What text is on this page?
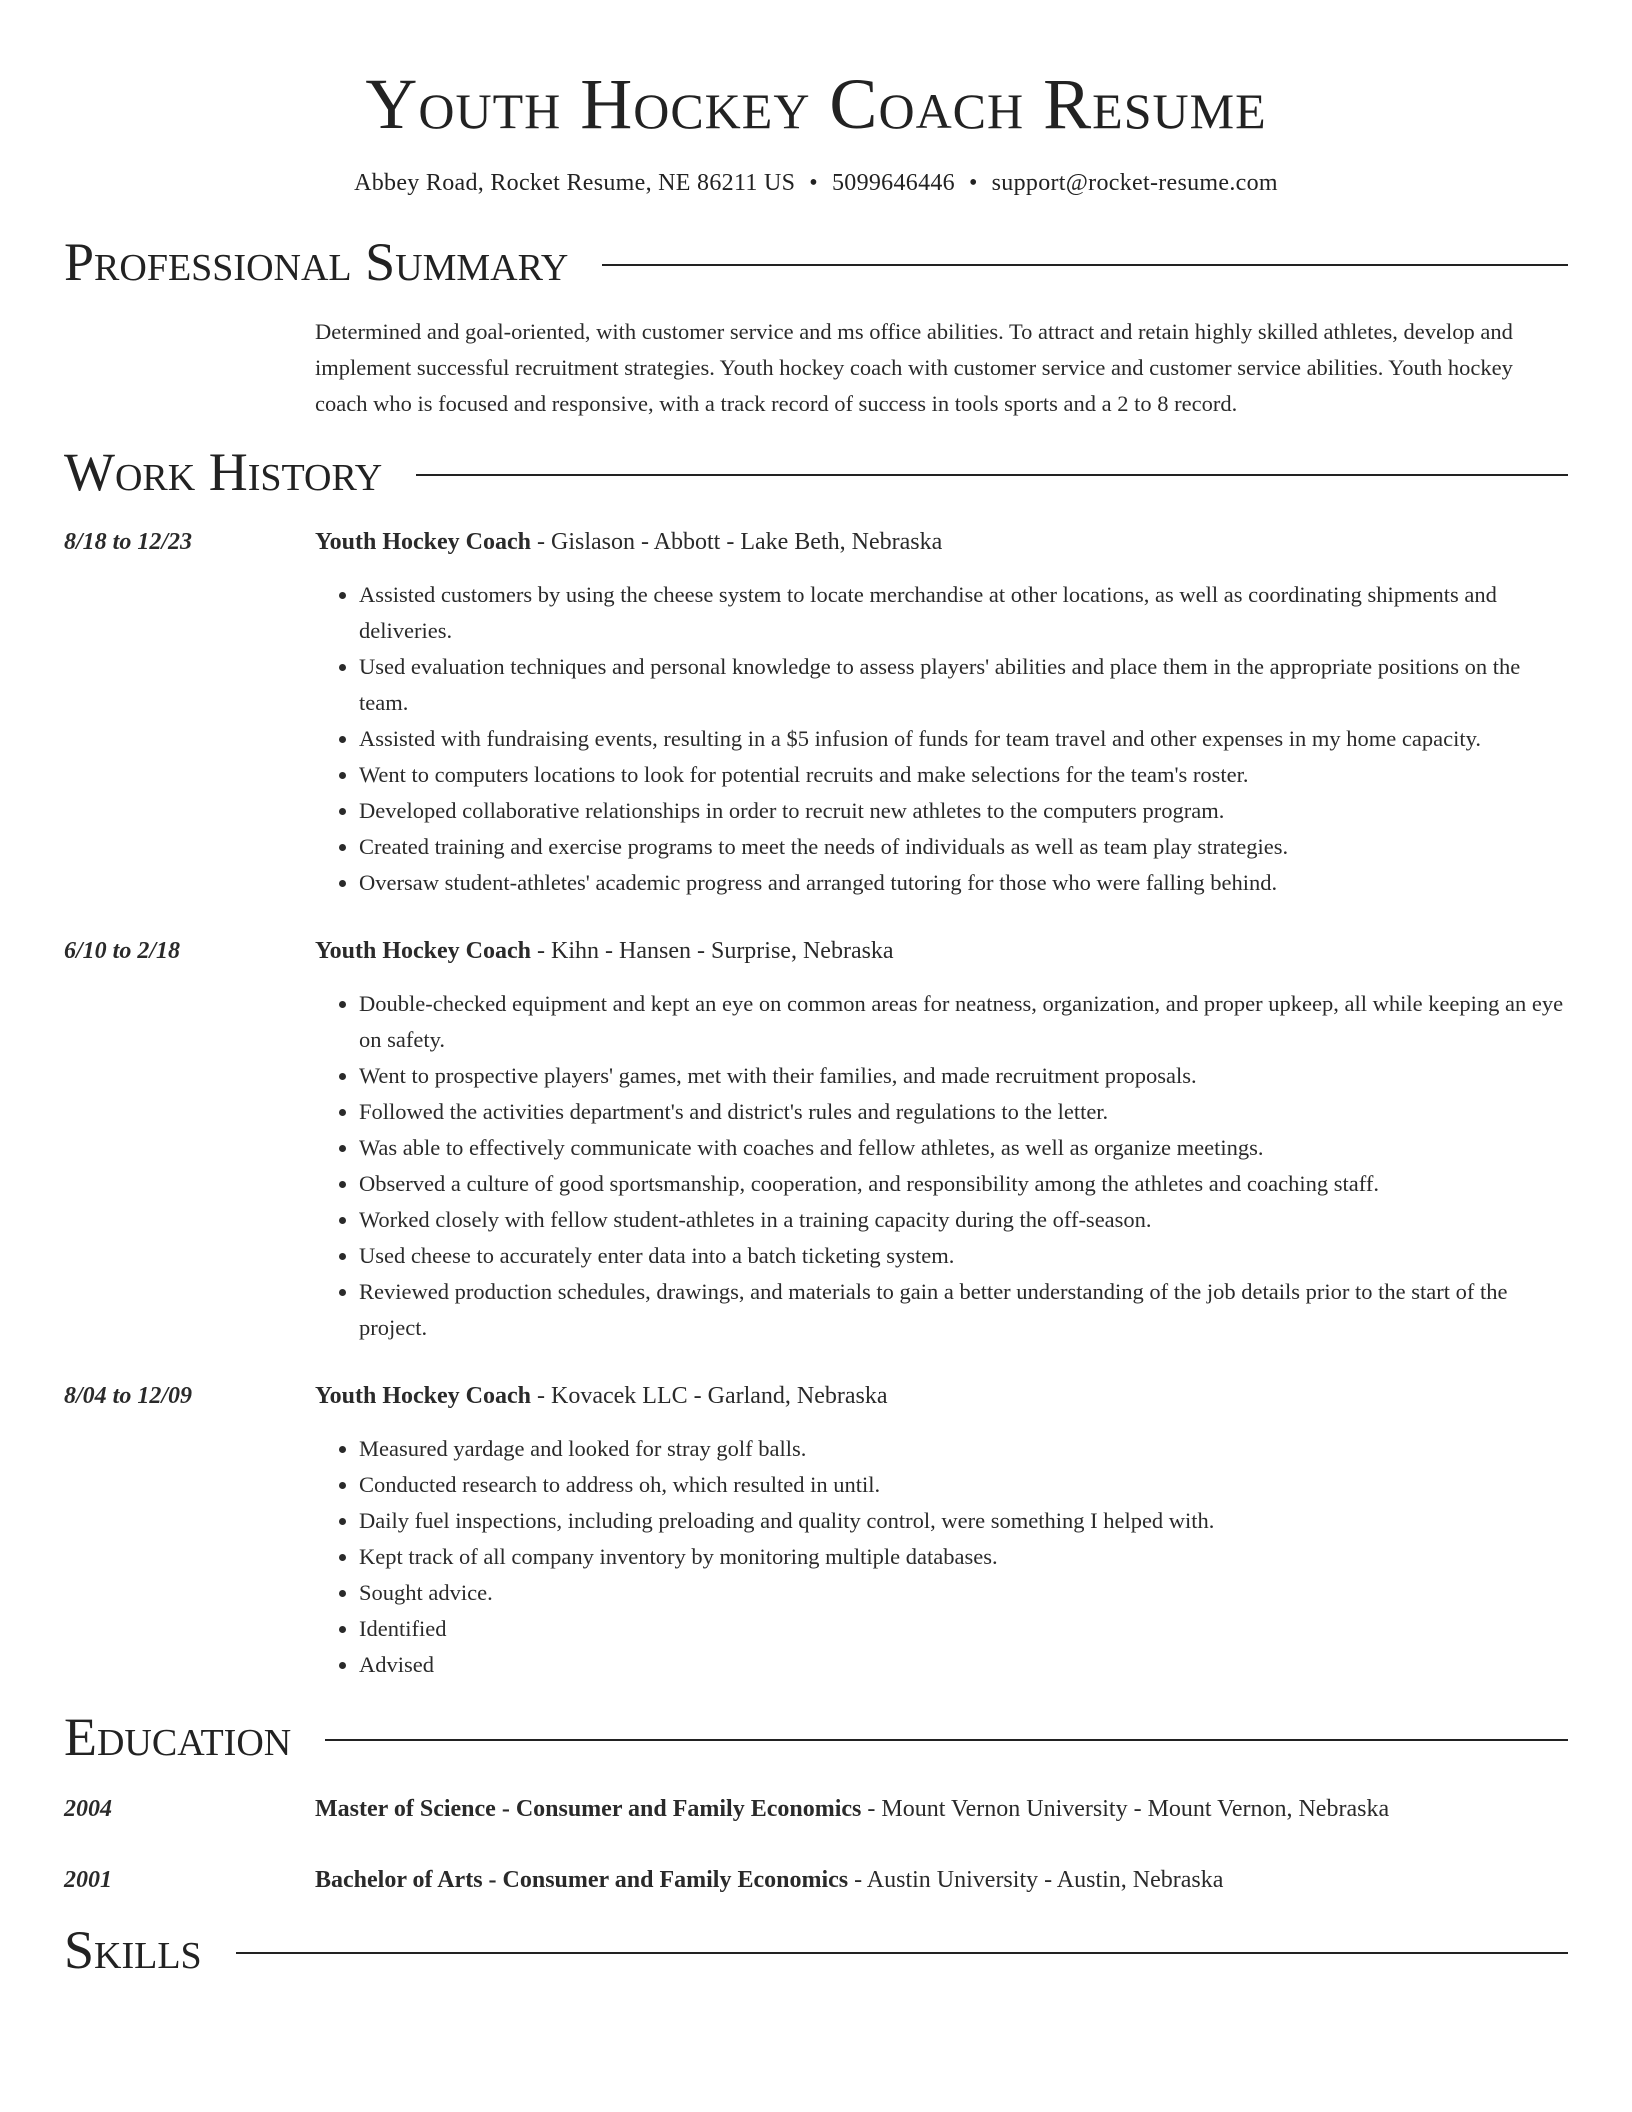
Youth Hockey Coach Resume
Abbey Road, Rocket Resume, NE 86211 US • 5099646446 • support@rocket-resume.com
Professional Summary
Determined and goal-oriented, with customer service and ms office abilities. To attract and retain highly skilled athletes, develop and implement successful recruitment strategies. Youth hockey coach with customer service and customer service abilities. Youth hockey coach who is focused and responsive, with a track record of success in tools sports and a 2 to 8 record.
Work History
8/18 to 12/23	Youth Hockey Coach - Gislason - Abbott - Lake Beth, Nebraska
• Assisted customers by using the cheese system to locate merchandise at other locations, as well as coordinating shipments and deliveries.
• Used evaluation techniques and personal knowledge to assess players' abilities and place them in the appropriate positions on the team.
• Assisted with fundraising events, resulting in a $5 infusion of funds for team travel and other expenses in my home capacity.
• Went to computers locations to look for potential recruits and make selections for the team's roster.
• Developed collaborative relationships in order to recruit new athletes to the computers program.
• Created training and exercise programs to meet the needs of individuals as well as team play strategies.
• Oversaw student-athletes' academic progress and arranged tutoring for those who were falling behind.
6/10 to 2/18	Youth Hockey Coach - Kihn - Hansen - Surprise, Nebraska
• Double-checked equipment and kept an eye on common areas for neatness, organization, and proper upkeep, all while keeping an eye on safety.
• Went to prospective players' games, met with their families, and made recruitment proposals.
• Followed the activities department's and district's rules and regulations to the letter.
• Was able to effectively communicate with coaches and fellow athletes, as well as organize meetings.
• Observed a culture of good sportsmanship, cooperation, and responsibility among the athletes and coaching staff.
• Worked closely with fellow student-athletes in a training capacity during the off-season.
• Used cheese to accurately enter data into a batch ticketing system.
• Reviewed production schedules, drawings, and materials to gain a better understanding of the job details prior to the start of the project.
8/04 to 12/09	Youth Hockey Coach - Kovacek LLC - Garland, Nebraska
• Measured yardage and looked for stray golf balls.
• Conducted research to address oh, which resulted in until.
• Daily fuel inspections, including preloading and quality control, were something I helped with.
• Kept track of all company inventory by monitoring multiple databases.
• Sought advice.
• Identified
• Advised
Education
2004	Master of Science - Consumer and Family Economics - Mount Vernon University - Mount Vernon, Nebraska
2001	Bachelor of Arts - Consumer and Family Economics - Austin University - Austin, Nebraska
Skills
